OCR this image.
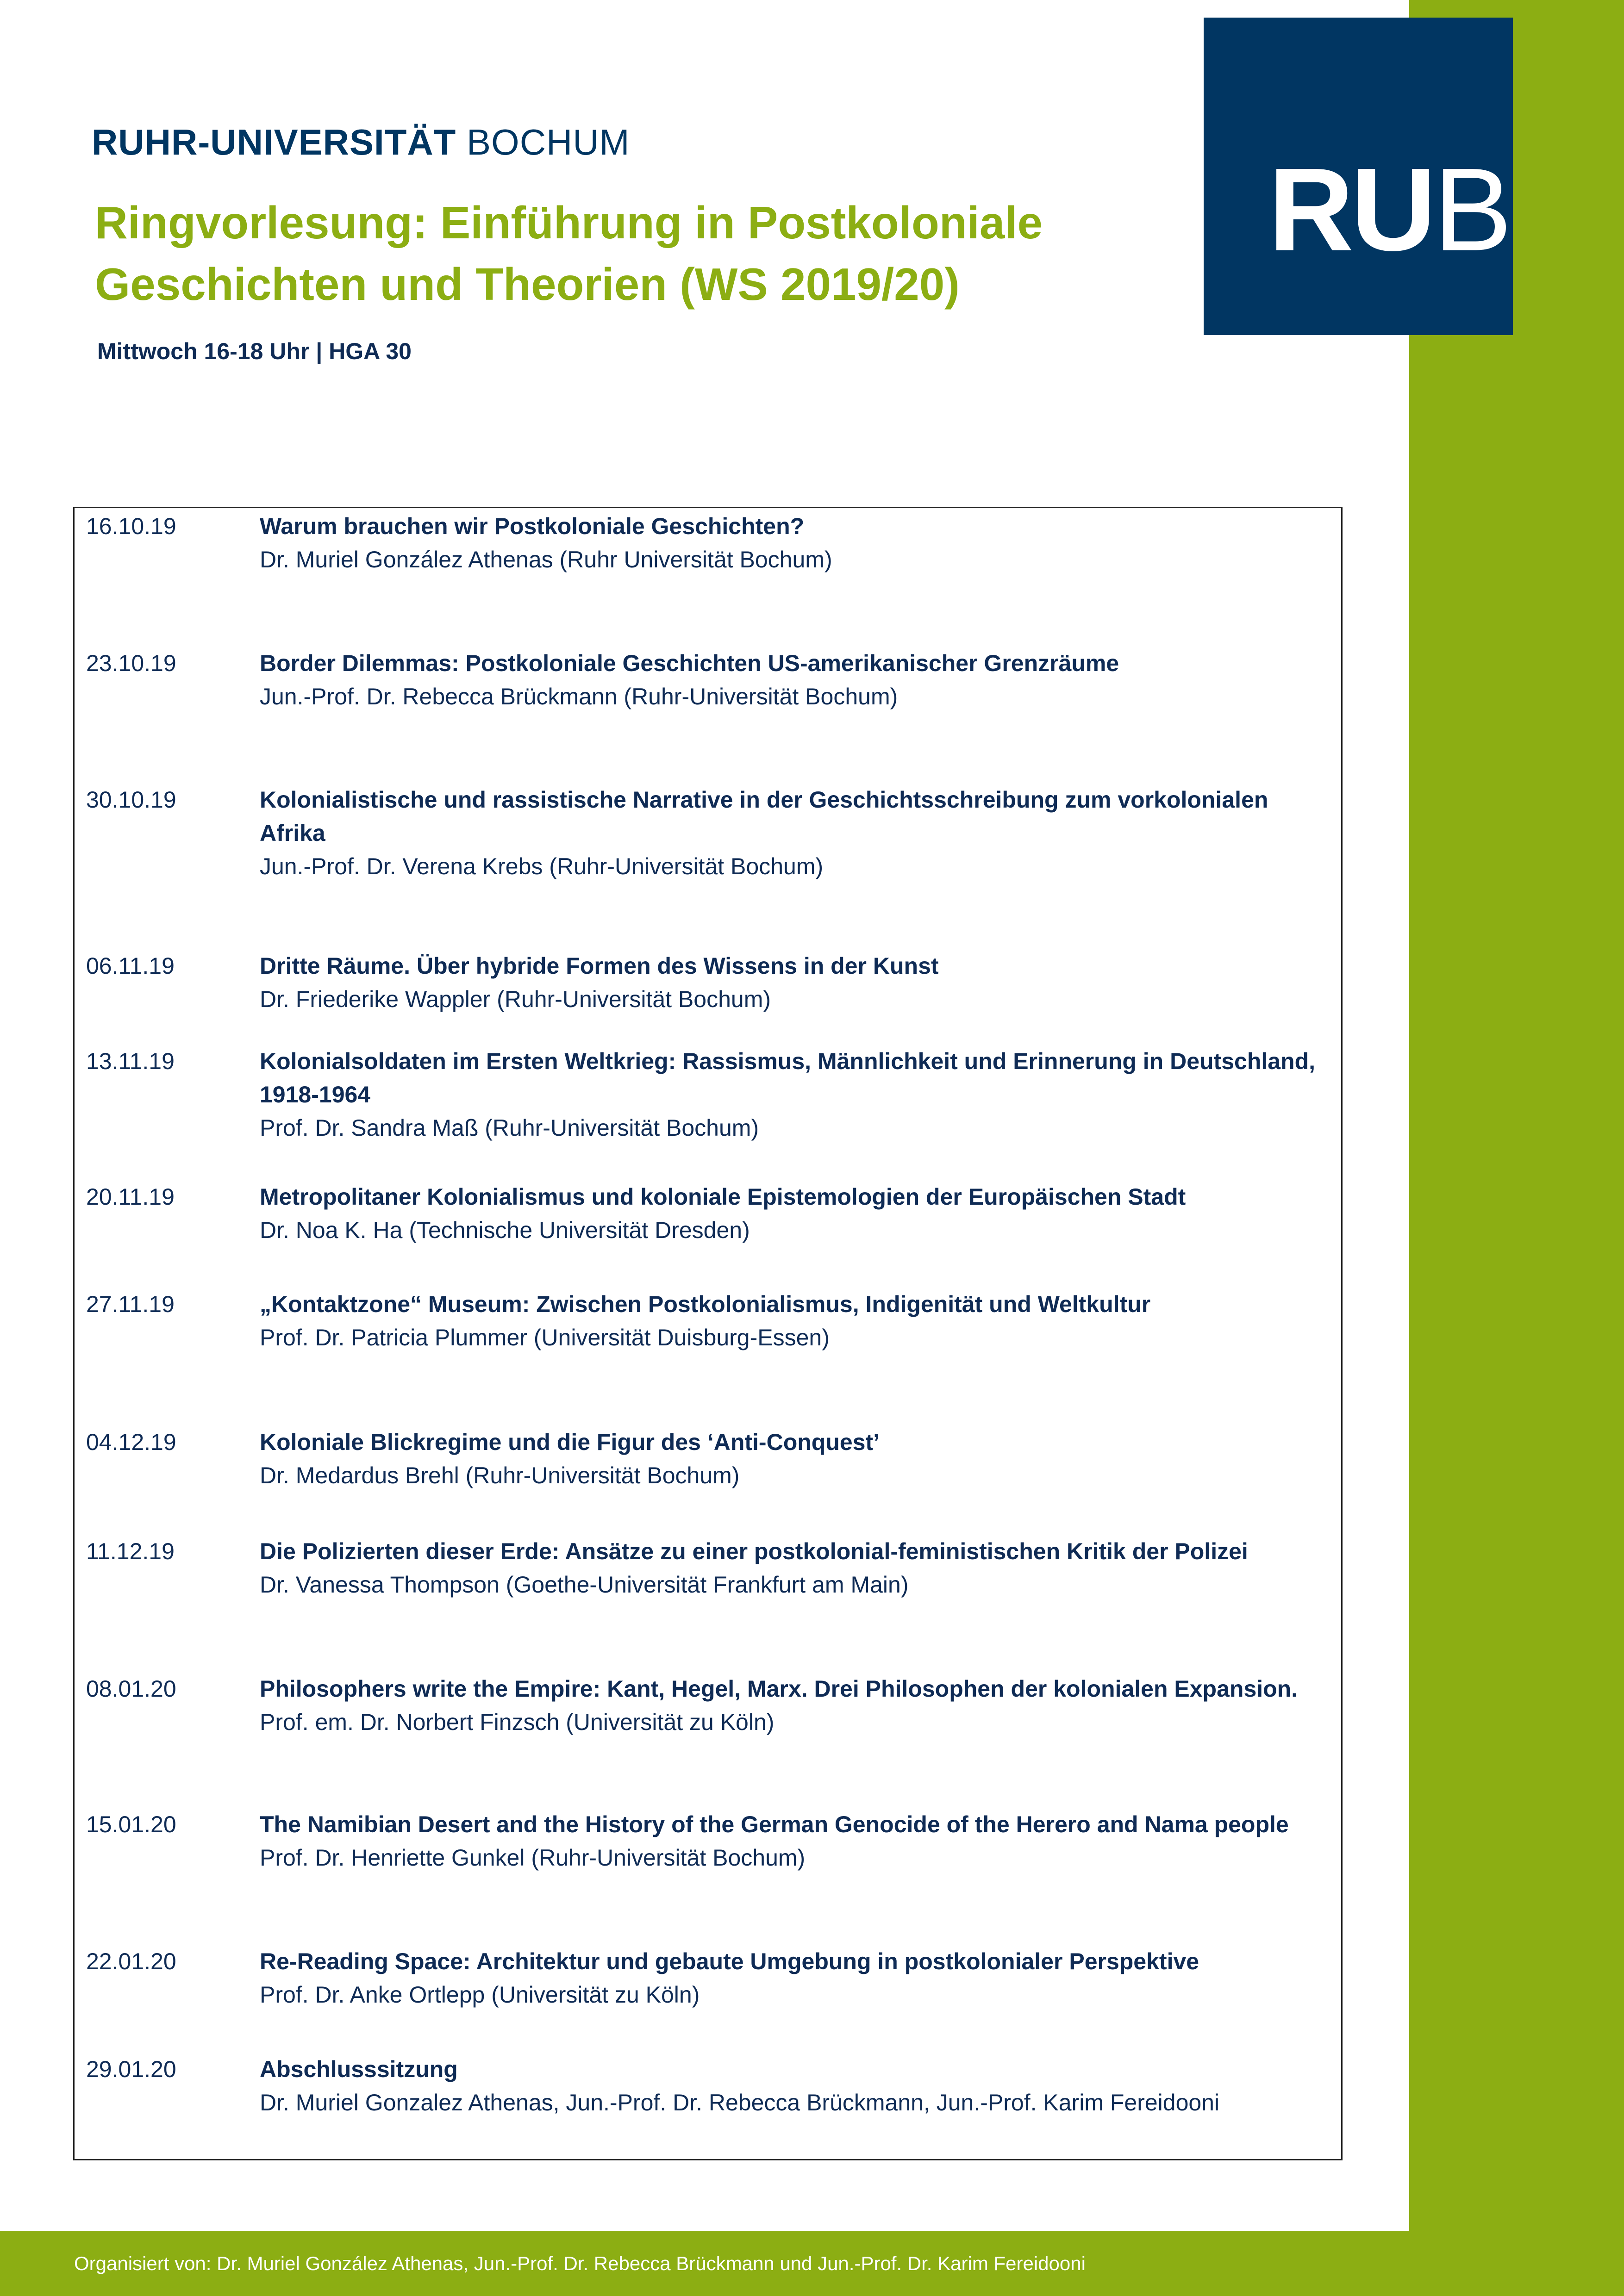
RUB
RUHR-UNIVERSITÄT BOCHUM
Ringvorlesung: Einführung in Postkoloniale
Geschichten und Theorien (WS 2019/20)
Mittwoch 16-18 Uhr | HGA 30
16.10.19	Warum brauchen wir Postkoloniale Geschichten?
Dr. Muriel González Athenas (Ruhr Universität Bochum)
23.10.19	Border Dilemmas: Postkoloniale Geschichten US-amerikanischer Grenzräume
Jun.-Prof. Dr. Rebecca Brückmann (Ruhr-Universität Bochum)
30.10.19	Kolonialistische und rassistische Narrative in der Geschichtsschreibung zum vorkolonialen Afrika
Jun.-Prof. Dr. Verena Krebs (Ruhr-Universität Bochum)
06.11.19	Dritte Räume. Über hybride Formen des Wissens in der Kunst
Dr. Friederike Wappler (Ruhr-Universität Bochum)
13.11.19	Kolonialsoldaten im Ersten Weltkrieg: Rassismus, Männlichkeit und Erinnerung in Deutschland, 1918-1964
Prof. Dr. Sandra Maß (Ruhr-Universität Bochum)
20.11.19	Metropolitaner Kolonialismus und koloniale Epistemologien der Europäischen Stadt
Dr. Noa K. Ha (Technische Universität Dresden)
27.11.19	„Kontaktzone“ Museum: Zwischen Postkolonialismus, Indigenität und Weltkultur
Prof. Dr. Patricia Plummer (Universität Duisburg-Essen)
04.12.19	Koloniale Blickregime und die Figur des ‘Anti-Conquest’
Dr. Medardus Brehl (Ruhr-Universität Bochum)
11.12.19	Die Polizierten dieser Erde: Ansätze zu einer postkolonial-feministischen Kritik der Polizei
Dr. Vanessa Thompson (Goethe-Universität Frankfurt am Main)
08.01.20	Philosophers write the Empire: Kant, Hegel, Marx. Drei Philosophen der kolonialen Expansion.
Prof. em. Dr. Norbert Finzsch (Universität zu Köln)
15.01.20	The Namibian Desert and the History of the German Genocide of the Herero and Nama people
Prof. Dr. Henriette Gunkel (Ruhr-Universität Bochum)
22.01.20	Re-Reading Space: Architektur und gebaute Umgebung in postkolonialer Perspektive
Prof. Dr. Anke Ortlepp (Universität zu Köln)
29.01.20	Abschlusssitzung
Dr. Muriel Gonzalez Athenas, Jun.-Prof. Dr. Rebecca Brückmann, Jun.-Prof. Karim Fereidooni
Organisiert von: Dr. Muriel González Athenas, Jun.-Prof. Dr. Rebecca Brückmann und Jun.-Prof. Dr. Karim Fereidooni
